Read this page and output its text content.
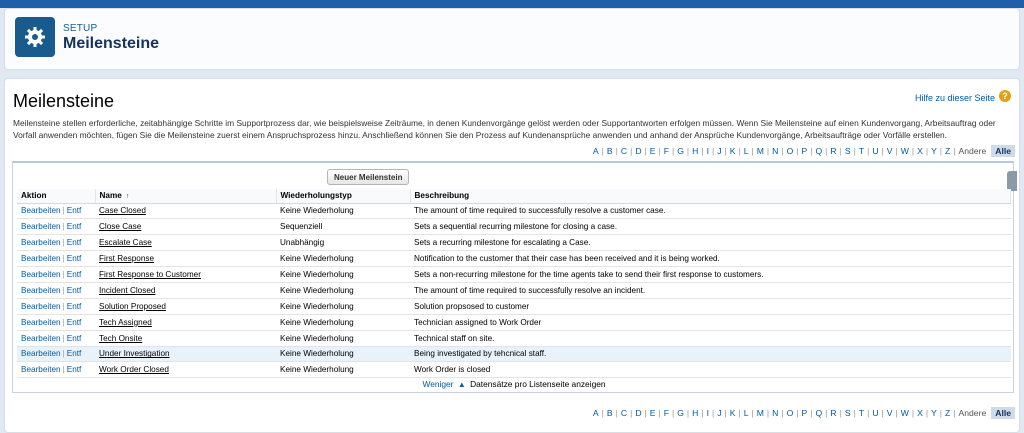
SETUP
Meilensteine
Meilensteine	Hilfe zu dieser Seite ?
Meilensteine stellen erforderliche, zeitabhängige Schritte im Supportprozess dar, wie beispielsweise Zeiträume, in denen Kundenvorgänge gelöst werden oder Supportantworten erfolgen müssen. Wenn Sie Meilensteine auf einen Kundenvorgang, Arbeitsauftrag oder Vorfall anwenden möchten, fügen Sie die Meilensteine zuerst einem Anspruchsprozess hinzu. Anschließend können Sie den Prozess auf Kundenansprüche anwenden und anhand der Ansprüche Kundenvorgänge, Arbeitsaufträge oder Vorfälle erstellen.
A | B | C | D | E | F | G | H | I | J | K | L | M | N | O | P | Q | R | S | T | U | V | W | X | Y | Z | Andere	Alle
Neuer Meilenstein
Aktion	Name ↑	Wiederholungstyp	Beschreibung
Bearbeiten | Entf	Case Closed	Keine Wiederholung	The amount of time required to successfully resolve a customer case.
Bearbeiten | Entf	Close Case	Sequenziell	Sets a sequential recurring milestone for closing a case.
Bearbeiten | Entf	Escalate Case	Unabhängig	Sets a recurring milestone for escalating a Case.
Bearbeiten | Entf	First Response	Keine Wiederholung	Notification to the customer that their case has been received and it is being worked.
Bearbeiten | Entf	First Response to Customer	Keine Wiederholung	Sets a non-recurring milestone for the time agents take to send their first response to customers.
Bearbeiten | Entf	Incident Closed	Keine Wiederholung	The amount of time required to successfully resolve an incident.
Bearbeiten | Entf	Solution Proposed	Keine Wiederholung	Solution propsosed to customer
Bearbeiten | Entf	Tech Assigned	Keine Wiederholung	Technician assigned to Work Order
Bearbeiten | Entf	Tech Onsite	Keine Wiederholung	Technical staff on site.
Bearbeiten | Entf	Under Investigation	Keine Wiederholung	Being investigated by tehcnical staff.
Bearbeiten | Entf	Work Order Closed	Keine Wiederholung	Work Order is closed
Weniger ▲ Datensätze pro Listenseite anzeigen
A | B | C | D | E | F | G | H | I | J | K | L | M | N | O | P | Q | R | S | T | U | V | W | X | Y | Z | Andere	Alle
